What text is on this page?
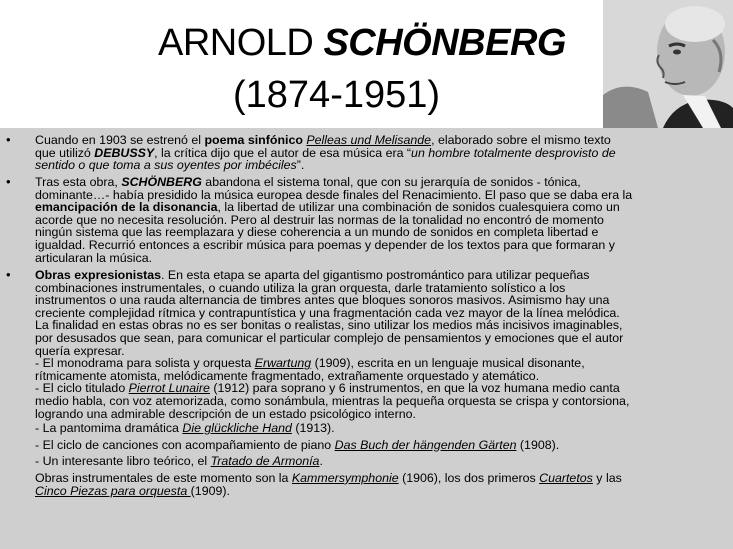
ARNOLD SCHÖNBERG
(1874-1951)
• Cuando en 1903 se estrenó el poema sinfónico Pelleas und Melisande, elaborado sobre el mismo texto
que utilizó DEBUSSY, la crítica dijo que el autor de esa música era “un hombre totalmente desprovisto de
sentido o que toma a sus oyentes por imbéciles”.
• Tras esta obra, SCHÖNBERG abandona el sistema tonal, que con su jerarquía de sonidos - tónica,
dominante…- había presidido la música europea desde finales del Renacimiento. El paso que se daba era la
emancipación de la disonancia, la libertad de utilizar una combinación de sonidos cualesquiera como un
acorde que no necesita resolución. Pero al destruir las normas de la tonalidad no encontró de momento
ningún sistema que las reemplazara y diese coherencia a un mundo de sonidos en completa libertad e
igualdad. Recurrió entonces a escribir música para poemas y depender de los textos para que formaran y
articularan la música.
• Obras expresionistas. En esta etapa se aparta del gigantismo postromántico para utilizar pequeñas
combinaciones instrumentales, o cuando utiliza la gran orquesta, darle tratamiento solístico a los
instrumentos o una rauda alternancia de timbres antes que bloques sonoros masivos. Asimismo hay una
creciente complejidad rítmica y contrapuntística y una fragmentación cada vez mayor de la línea melódica.
La finalidad en estas obras no es ser bonitas o realistas, sino utilizar los medios más incisivos imaginables,
por desusados que sean, para comunicar el particular complejo de pensamientos y emociones que el autor
quería expresar.
- El monodrama para solista y orquesta Erwartung (1909), escrita en un lenguaje musical disonante,
rítmicamente atomista, melódicamente fragmentado, extrañamente orquestado y atemático.
- El ciclo titulado Pierrot Lunaire (1912) para soprano y 6 instrumentos, en que la voz humana medio canta
medio habla, con voz atemorizada, como sonámbula, mientras la pequeña orquesta se crispa y contorsiona,
logrando una admirable descripción de un estado psicológico interno.
- La pantomima dramática Die glückliche Hand (1913).
- El ciclo de canciones con acompañamiento de piano Das Buch der hängenden Gärten (1908).
- Un interesante libro teórico, el Tratado de Armonía.
Obras instrumentales de este momento son la Kammersymphonie (1906), los dos primeros Cuartetos y las
Cinco Piezas para orquesta (1909).
